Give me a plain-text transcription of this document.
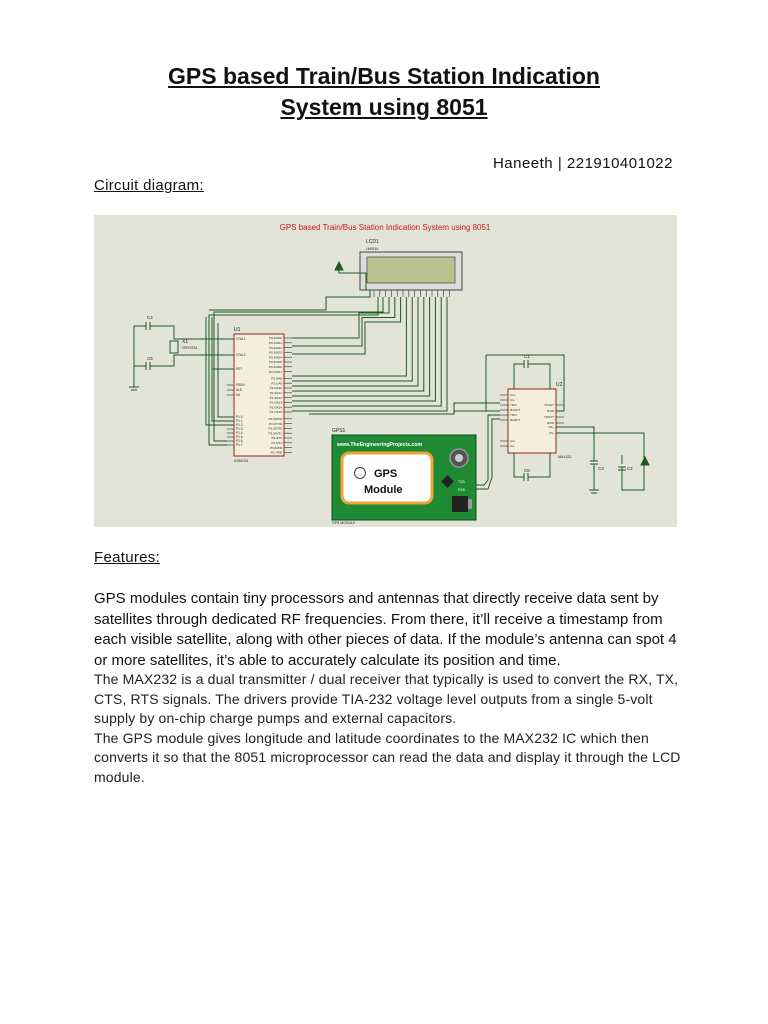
GPS based Train/Bus Station Indication
System using 8051
Haneeth | 221910401022
Circuit diagram:
GPS based Train/Bus Station Indication System using 8051
LCD1
LM016L
U1
AT89C51
XTAL1
XTAL2
RST
PSEN
ALE
EA
P1.0
P1.1
P1.2
P1.3
P1.4
P1.5
P1.6
P1.7
P0.0/AD0
P0.1/AD1
P0.2/AD2
P0.3/AD3
P0.4/AD4
P0.5/AD5
P0.6/AD6
P0.7/AD7
P2.0/A8
P2.1/A9
P2.2/A10
P2.3/A11
P2.4/A12
P2.5/A13
P2.6/A14
P2.7/A15
P3.0/RXD
P3.1/TXD
P3.2/INT0
P3.3/INT1
P3.4/T0
P3.5/T1
P3.6/WR
P3.7/RD
C4
C5
X1
CRYSTAL
U2
MAX232
C1+
C1-
T1IN
R1OUT
T2IN
R2OUT
C2+
C2-
T1OUT
R1IN
T2OUT
R2IN
VS+
VS-
C1
C6	C3	C2
GPS1
www.TheEngineeringProjects.com
GPS
Module
TXD
RXD
GPS MODULE
Features:
GPS modules contain tiny processors and antennas that directly receive data sent by satellites through dedicated RF frequencies. From there, it’ll receive a timestamp from each visible satellite, along with other pieces of data. If the module’s antenna can spot 4 or more satellites, it’s able to accurately calculate its position and time.

The MAX232 is a dual transmitter / dual receiver that typically is used to convert the RX, TX, CTS, RTS signals. The drivers provide TIA-232 voltage level outputs from a single 5-volt supply by on-chip charge pumps and external capacitors.

The GPS module gives longitude and latitude coordinates to the MAX232 IC which then converts it so that the 8051 microprocessor can read the data and display it through the LCD module.
